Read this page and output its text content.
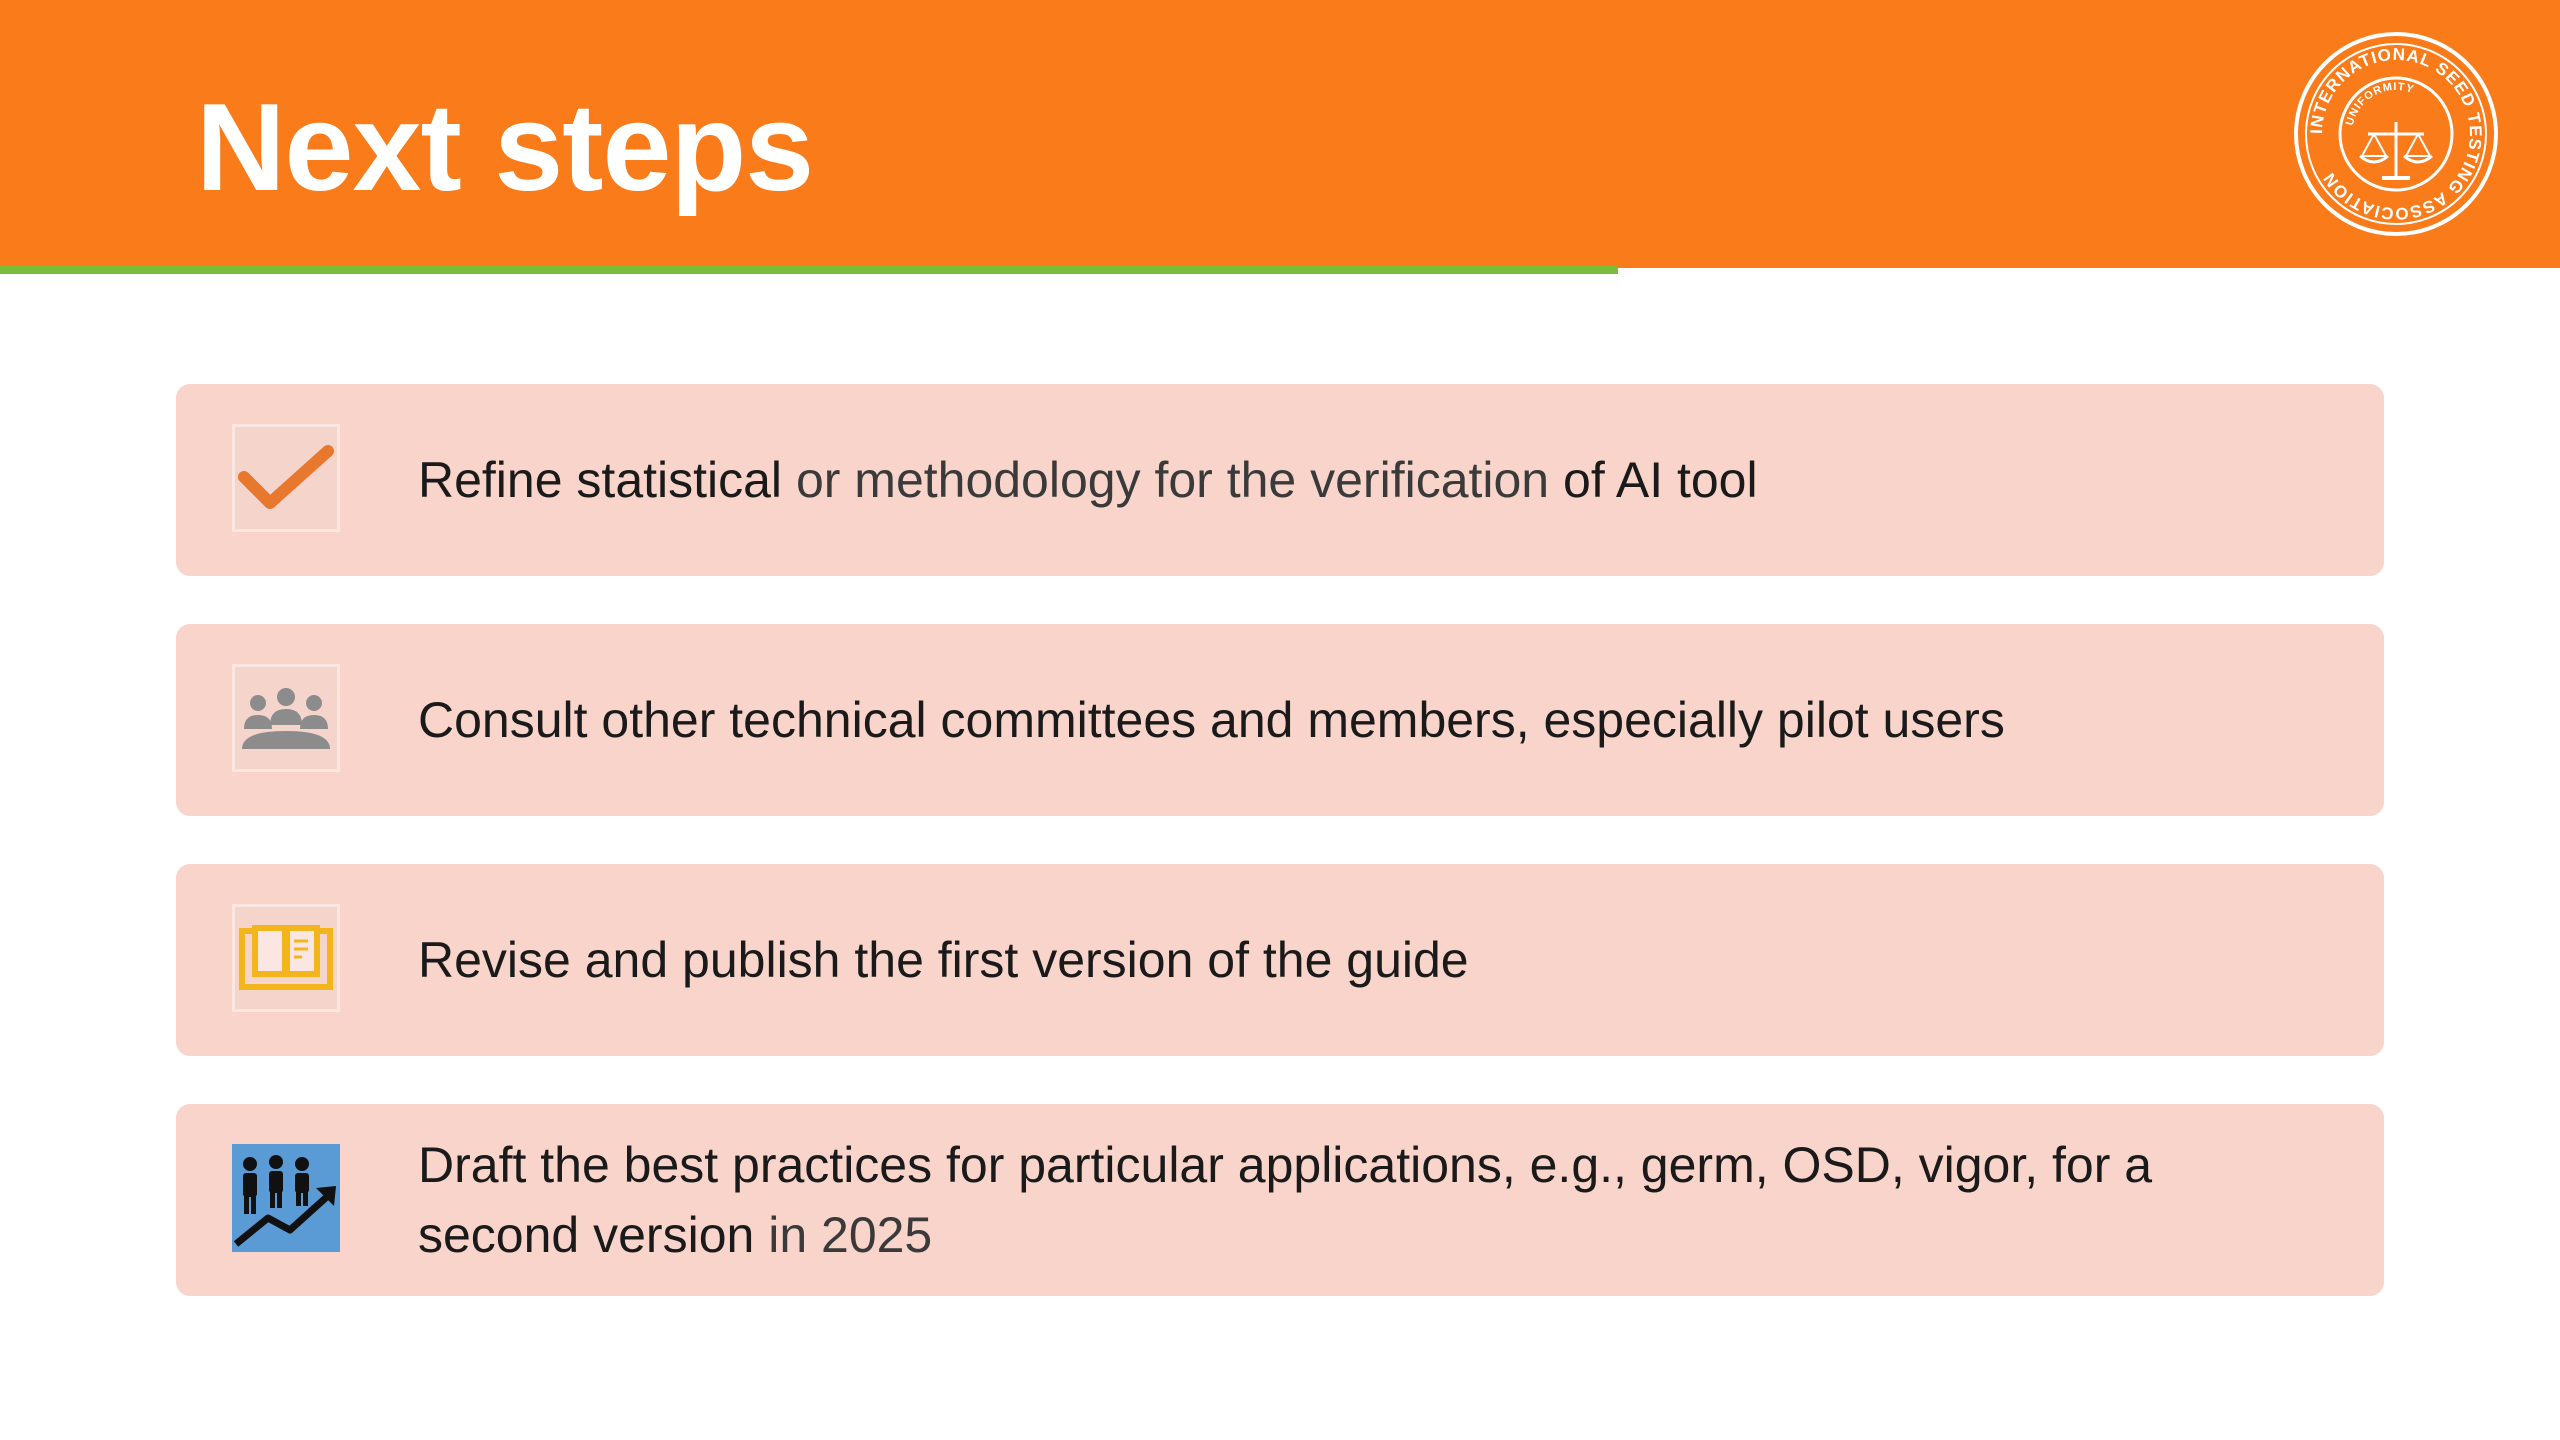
Next steps	INTERNATIONAL SEED TESTING ASSOCIATION
UNIFORMITY
Refine statistical or methodology for the verification of AI tool
Consult other technical committees and members, especially pilot users
Revise and publish the first version of the guide
Draft the best practices for particular applications, e.g., germ, OSD, vigor, for a second version in 2025
